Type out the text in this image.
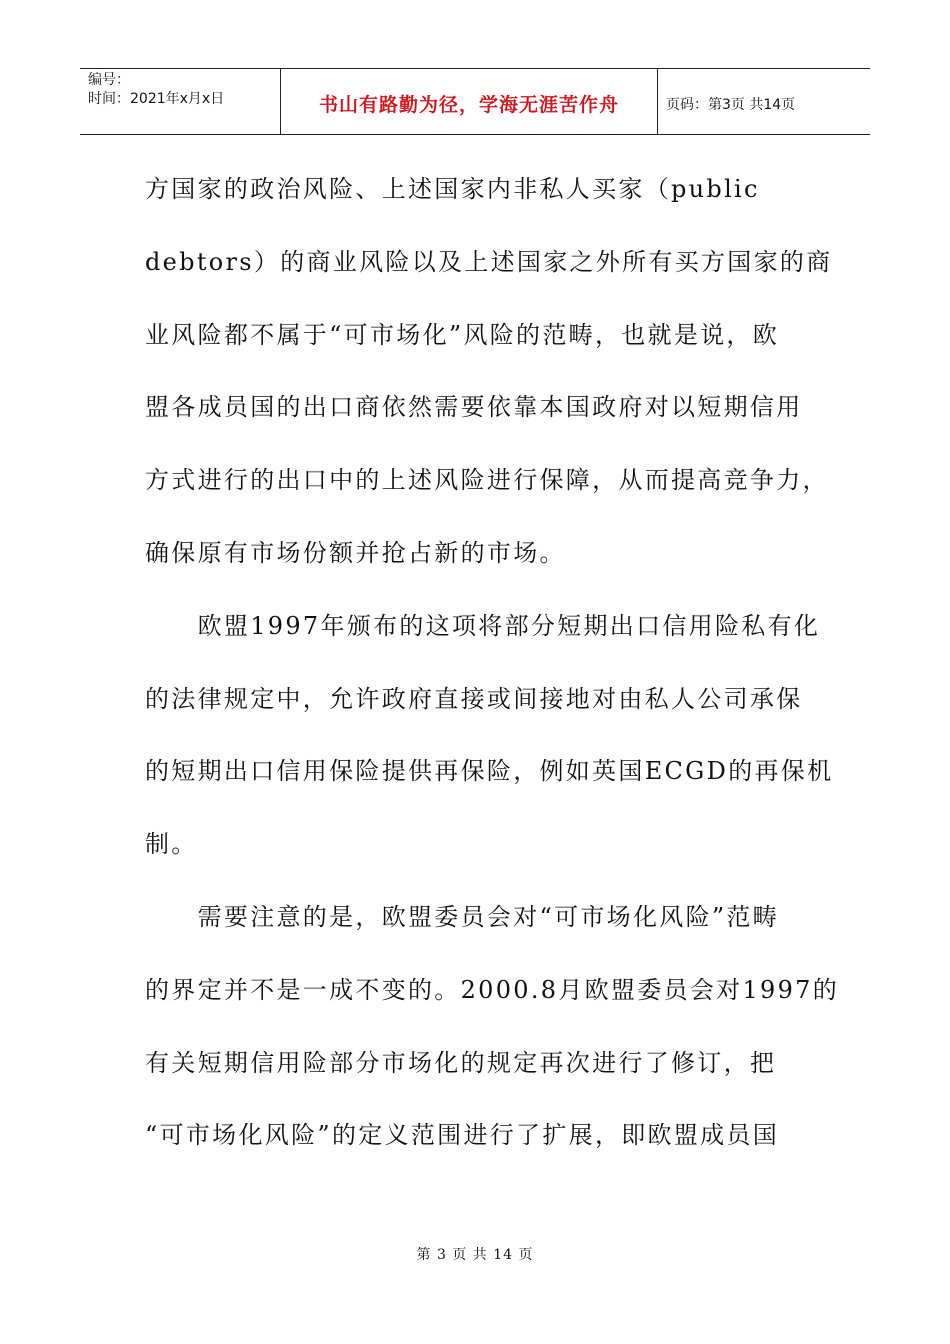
编号：
时间：2021年x月x日	书山有路勤为径，学海无涯苦作舟	页码：第3页 共14页
方国家的政治风险、上述国家内非私人买家（public
debtors）的商业风险以及上述国家之外所有买方国家的商
业风险都不属于“可市场化”风险的范畴，也就是说，欧
盟各成员国的出口商依然需要依靠本国政府对以短期信用
方式进行的出口中的上述风险进行保障，从而提高竞争力，
确保原有市场份额并抢占新的市场。
　　欧盟1997年颁布的这项将部分短期出口信用险私有化
的法律规定中，允许政府直接或间接地对由私人公司承保
的短期出口信用保险提供再保险，例如英国ECGD的再保机
制。
　　需要注意的是，欧盟委员会对“可市场化风险”范畴
的界定并不是一成不变的。2000.8月欧盟委员会对1997的
有关短期信用险部分市场化的规定再次进行了修订，把
“可市场化风险”的定义范围进行了扩展，即欧盟成员国
第 3 页 共 14 页
